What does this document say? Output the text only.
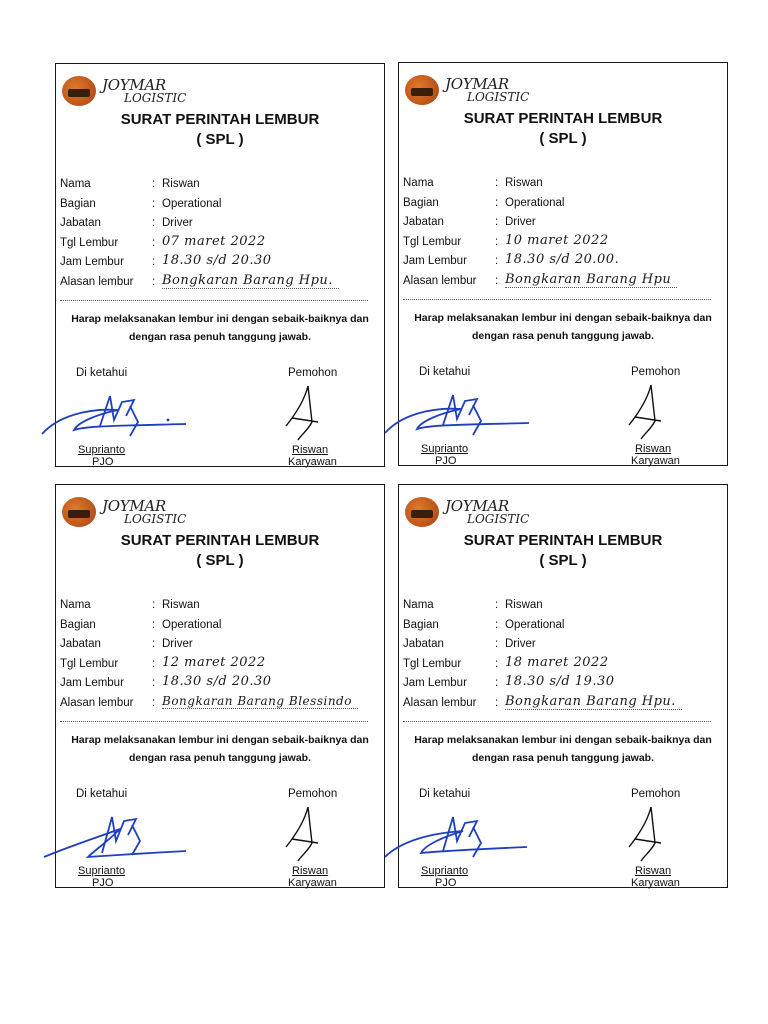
JOYMAR
LOGISTIC
SURAT PERINTAH LEMBUR
( SPL )
Nama	: Riswan
Bagian	: Operational
Jabatan	: Driver
Tgl Lembur	: 07 maret 2022
Jam Lembur : 18.30 s/d 20.30
Alasan lembur : Bongkaran Barang Hpu.
Harap melaksanakan lembur ini dengan sebaik-baiknya dan
dengan rasa penuh tanggung jawab.
Di ketahui	Pemohon
Suprianto
PJO
Riswan
Karyawan
JOYMAR
LOGISTIC
SURAT PERINTAH LEMBUR
( SPL )
Nama	: Riswan
Bagian	: Operational
Jabatan	: Driver
Tgl Lembur	: 10 maret 2022
Jam Lembur : 18.30 s/d 20.00.
Alasan lembur : Bongkaran Barang Hpu
Harap melaksanakan lembur ini dengan sebaik-baiknya dan
dengan rasa penuh tanggung jawab.
Di ketahui	Pemohon
Suprianto
PJO
Riswan
Karyawan
JOYMAR
LOGISTIC
SURAT PERINTAH LEMBUR
( SPL )
Nama	: Riswan
Bagian	: Operational
Jabatan	: Driver
Tgl Lembur	: 12 maret 2022
Jam Lembur : 18.30 s/d 20.30
Alasan lembur : Bongkaran Barang Blessindo
Harap melaksanakan lembur ini dengan sebaik-baiknya dan
dengan rasa penuh tanggung jawab.
Di ketahui	Pemohon
Suprianto
PJO
Riswan
Karyawan
JOYMAR
LOGISTIC
SURAT PERINTAH LEMBUR
( SPL )
Nama	: Riswan
Bagian	: Operational
Jabatan	: Driver
Tgl Lembur	: 18 maret 2022
Jam Lembur : 18.30 s/d 19.30
Alasan lembur : Bongkaran Barang Hpu.
Harap melaksanakan lembur ini dengan sebaik-baiknya dan
dengan rasa penuh tanggung jawab.
Di ketahui	Pemohon
Suprianto
PJO
Riswan
Karyawan
